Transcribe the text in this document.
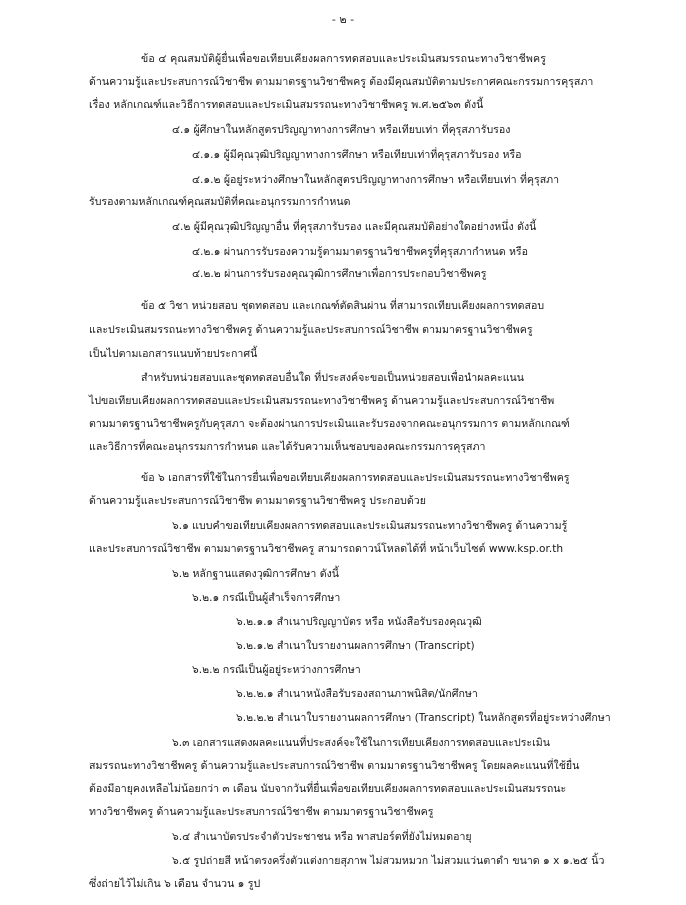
- ๒ -

ข้อ ๔ คุณสมบัติผู้ยื่นเพื่อขอเทียบเคียงผลการทดสอบและประเมินสมรรถนะทางวิชาชีพครู

ด้านความรู้และประสบการณ์วิชาชีพ ตามมาตรฐานวิชาชีพครู ต้องมีคุณสมบัติตามประกาศคณะกรรมการคุรุสภา

เรื่อง หลักเกณฑ์และวิธีการทดสอบและประเมินสมรรถนะทางวิชาชีพครู พ.ศ.๒๕๖๓ ดังนี้

๔.๑ ผู้ศึกษาในหลักสูตรปริญญาทางการศึกษา หรือเทียบเท่า ที่คุรุสภารับรอง

๔.๑.๑ ผู้มีคุณวุฒิปริญญาทางการศึกษา หรือเทียบเท่าที่คุรุสภารับรอง หรือ

๔.๑.๒ ผู้อยู่ระหว่างศึกษาในหลักสูตรปริญญาทางการศึกษา หรือเทียบเท่า ที่คุรุสภา

รับรองตามหลักเกณฑ์คุณสมบัติที่คณะอนุกรรมการกำหนด

๔.๒ ผู้มีคุณวุฒิปริญญาอื่น ที่คุรุสภารับรอง และมีคุณสมบัติอย่างใดอย่างหนึ่ง ดังนี้

๔.๒.๑ ผ่านการรับรองความรู้ตามมาตรฐานวิชาชีพครูที่คุรุสภากำหนด หรือ

๔.๒.๒ ผ่านการรับรองคุณวุฒิการศึกษาเพื่อการประกอบวิชาชีพครู

ข้อ ๕ วิชา หน่วยสอบ ชุดทดสอบ และเกณฑ์ตัดสินผ่าน ที่สามารถเทียบเคียงผลการทดสอบ

และประเมินสมรรถนะทางวิชาชีพครู ด้านความรู้และประสบการณ์วิชาชีพ ตามมาตรฐานวิชาชีพครู

เป็นไปตามเอกสารแนบท้ายประกาศนี้

สำหรับหน่วยสอบและชุดทดสอบอื่นใด ที่ประสงค์จะขอเป็นหน่วยสอบเพื่อนำผลคะแนน

ไปขอเทียบเคียงผลการทดสอบและประเมินสมรรถนะทางวิชาชีพครู ด้านความรู้และประสบการณ์วิชาชีพ

ตามมาตรฐานวิชาชีพครูกับคุรุสภา จะต้องผ่านการประเมินและรับรองจากคณะอนุกรรมการ ตามหลักเกณฑ์

และวิธีการที่คณะอนุกรรมการกำหนด และได้รับความเห็นชอบของคณะกรรมการคุรุสภา

ข้อ ๖ เอกสารที่ใช้ในการยื่นเพื่อขอเทียบเคียงผลการทดสอบและประเมินสมรรถนะทางวิชาชีพครู

ด้านความรู้และประสบการณ์วิชาชีพ ตามมาตรฐานวิชาชีพครู ประกอบด้วย

๖.๑ แบบคำขอเทียบเคียงผลการทดสอบและประเมินสมรรถนะทางวิชาชีพครู ด้านความรู้

และประสบการณ์วิชาชีพ ตามมาตรฐานวิชาชีพครู สามารถดาวน์โหลดได้ที่ หน้าเว็บไซต์ www.ksp.or.th

๖.๒ หลักฐานแสดงวุฒิการศึกษา ดังนี้

๖.๒.๑ กรณีเป็นผู้สำเร็จการศึกษา

๖.๒.๑.๑ สำเนาปริญญาบัตร หรือ หนังสือรับรองคุณวุฒิ

๖.๒.๑.๒ สำเนาใบรายงานผลการศึกษา (Transcript)

๖.๒.๒ กรณีเป็นผู้อยู่ระหว่างการศึกษา

๖.๒.๒.๑ สำเนาหนังสือรับรองสถานภาพนิสิต/นักศึกษา

๖.๒.๒.๒ สำเนาใบรายงานผลการศึกษา (Transcript) ในหลักสูตรที่อยู่ระหว่างศึกษา

๖.๓ เอกสารแสดงผลคะแนนที่ประสงค์จะใช้ในการเทียบเคียงการทดสอบและประเมิน

สมรรถนะทางวิชาชีพครู ด้านความรู้และประสบการณ์วิชาชีพ ตามมาตรฐานวิชาชีพครู โดยผลคะแนนที่ใช้ยื่น

ต้องมีอายุคงเหลือไม่น้อยกว่า ๓ เดือน นับจากวันที่ยื่นเพื่อขอเทียบเคียงผลการทดสอบและประเมินสมรรถนะ

ทางวิชาชีพครู ด้านความรู้และประสบการณ์วิชาชีพ ตามมาตรฐานวิชาชีพครู

๖.๔ สำเนาบัตรประจำตัวประชาชน หรือ พาสปอร์ตที่ยังไม่หมดอายุ

๖.๕ รูปถ่ายสี หน้าตรงครึ่งตัวแต่งกายสุภาพ ไม่สวมหมวก ไม่สวมแว่นตาดำ ขนาด ๑ x ๑.๒๕ นิ้ว

ซึ่งถ่ายไว้ไม่เกิน ๖ เดือน จำนวน ๑ รูป
